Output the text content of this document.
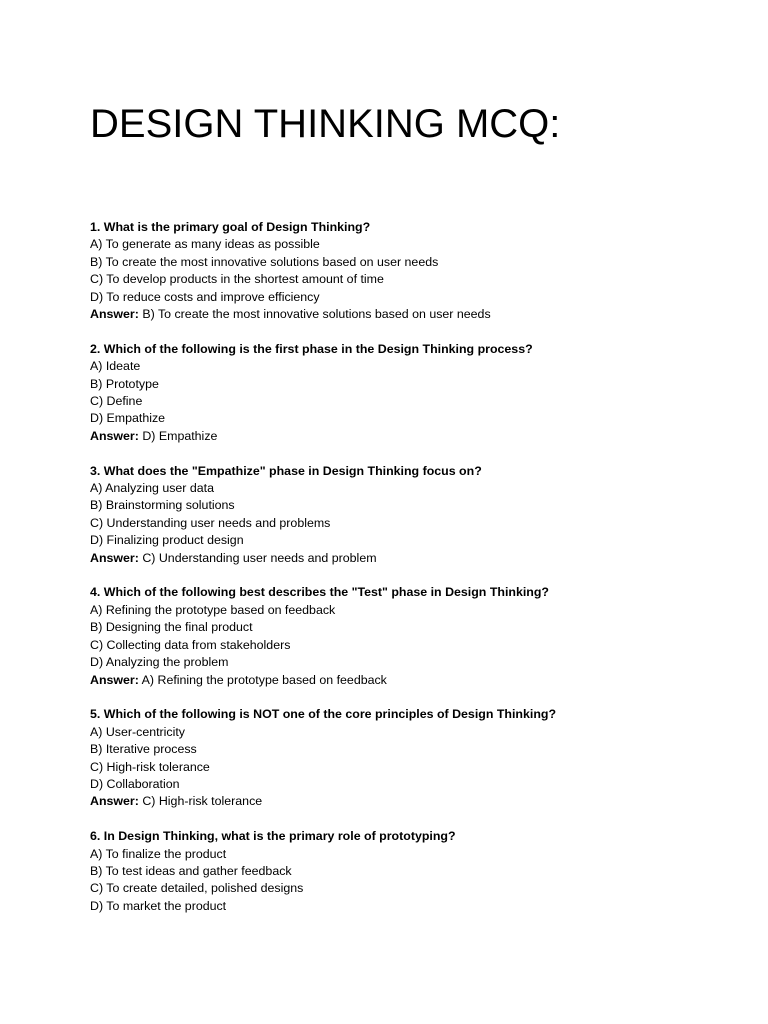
DESIGN THINKING MCQ:

1. What is the primary goal of Design Thinking?

A) To generate as many ideas as possible

B) To create the most innovative solutions based on user needs

C) To develop products in the shortest amount of time

D) To reduce costs and improve efficiency

Answer: B) To create the most innovative solutions based on user needs

2. Which of the following is the first phase in the Design Thinking process?

A) Ideate

B) Prototype

C) Define

D) Empathize

Answer: D) Empathize

3. What does the "Empathize" phase in Design Thinking focus on?

A) Analyzing user data

B) Brainstorming solutions

C) Understanding user needs and problems

D) Finalizing product design

Answer: C) Understanding user needs and problem

4. Which of the following best describes the "Test" phase in Design Thinking?

A) Refining the prototype based on feedback

B) Designing the final product

C) Collecting data from stakeholders

D) Analyzing the problem

Answer: A) Refining the prototype based on feedback

5. Which of the following is NOT one of the core principles of Design Thinking?

A) User-centricity

B) Iterative process

C) High-risk tolerance

D) Collaboration

Answer: C) High-risk tolerance

6. In Design Thinking, what is the primary role of prototyping?

A) To finalize the product

B) To test ideas and gather feedback

C) To create detailed, polished designs

D) To market the product
